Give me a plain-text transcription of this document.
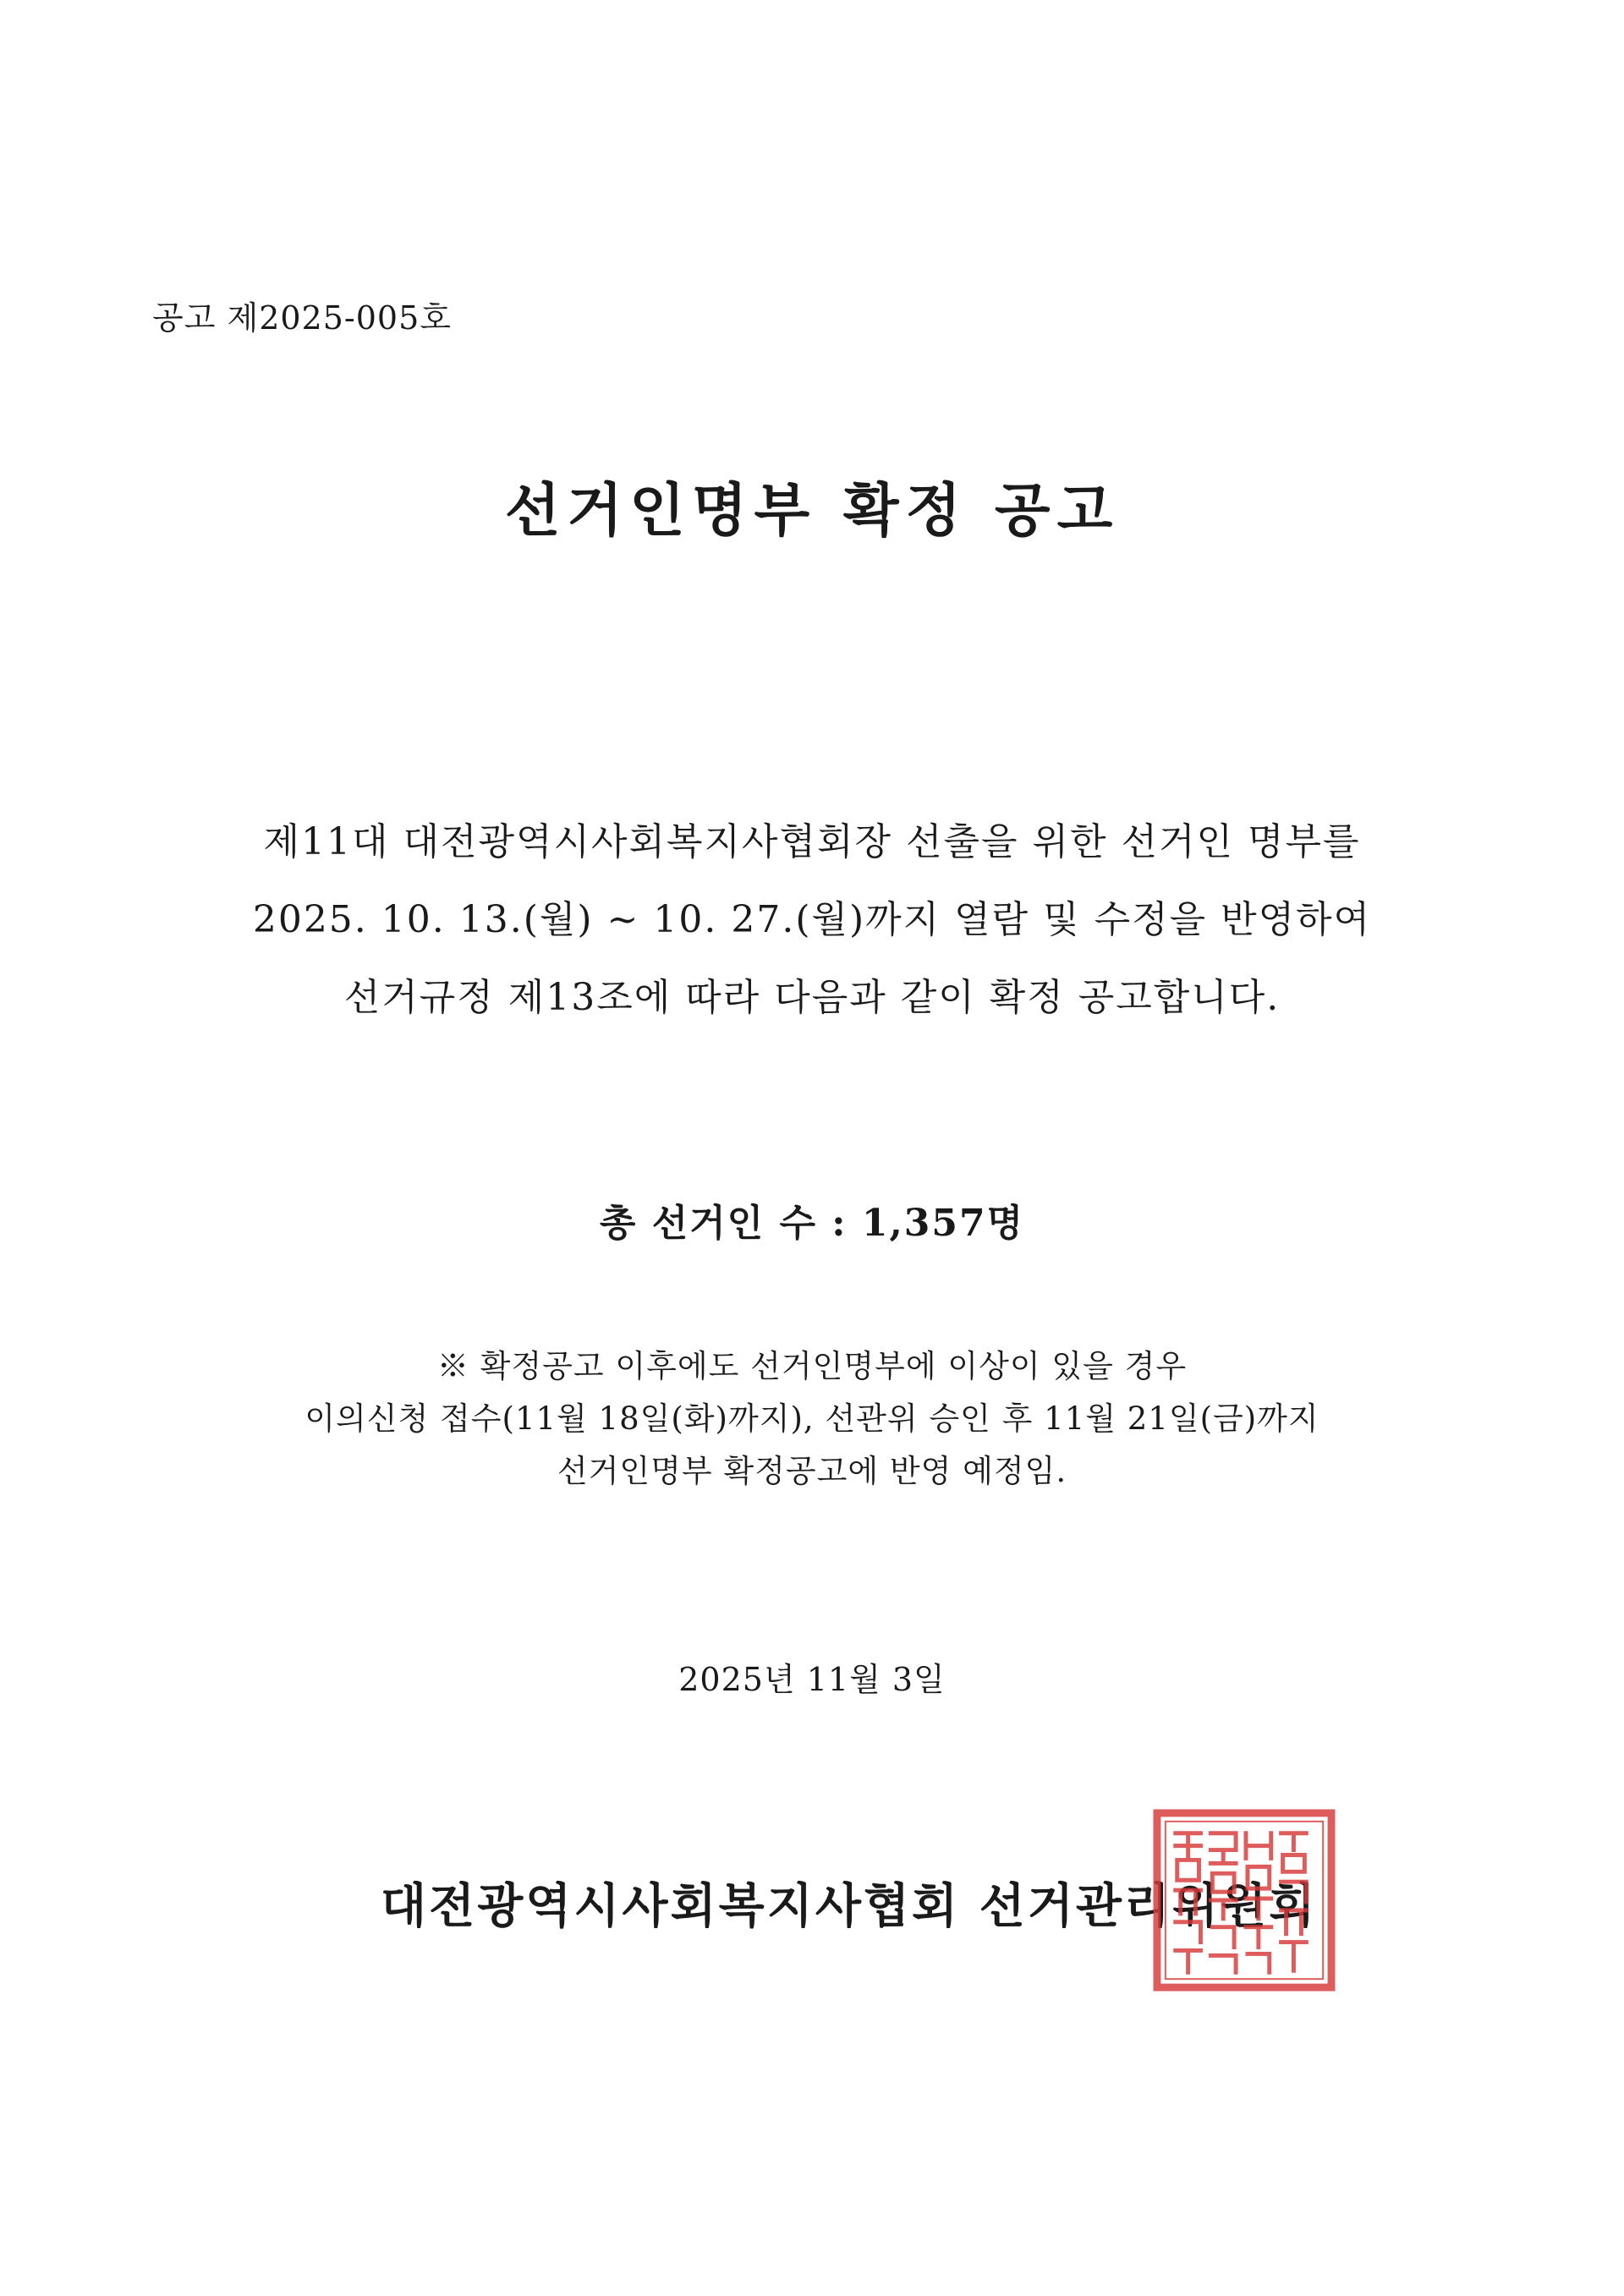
공고 제2025-005호
선거인명부 확정 공고
제11대 대전광역시사회복지사협회장 선출을 위한 선거인 명부를
2025. 10. 13.(월) ~ 10. 27.(월)까지 열람 및 수정을 반영하여
선거규정 제13조에 따라 다음과 같이 확정 공고합니다.
총 선거인 수 : 1,357명
※ 확정공고 이후에도 선거인명부에 이상이 있을 경우
이의신청 접수(11월 18일(화)까지), 선관위 승인 후 11월 21일(금)까지
선거인명부 확정공고에 반영 예정임.
2025년 11월 3일
대전광역시사회복지사협회 선거관리위원회
